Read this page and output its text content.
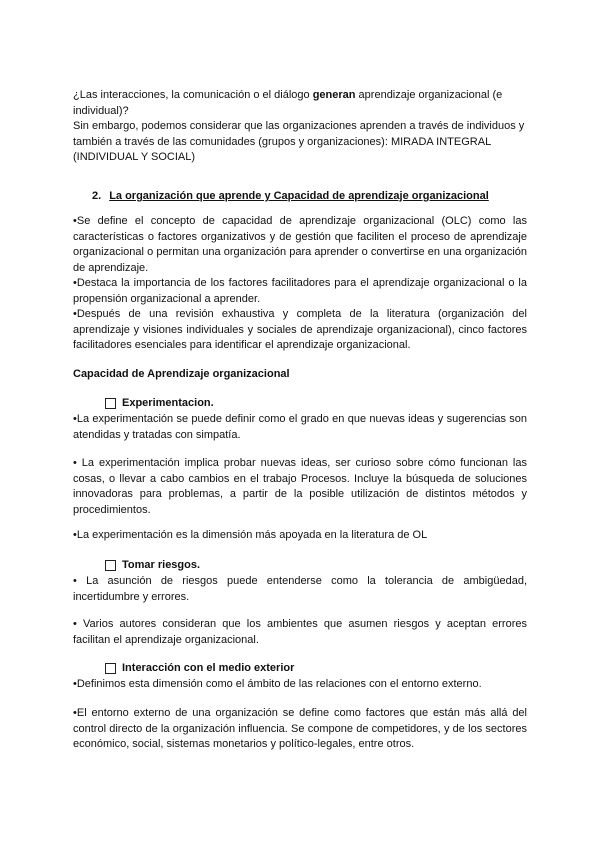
¿Las interacciones, la comunicación o el diálogo generan aprendizaje organizacional (e individual)?

Sin embargo, podemos considerar que las organizaciones aprenden a través de individuos y también a través de las comunidades (grupos y organizaciones): MIRADA INTEGRAL (INDIVIDUAL Y SOCIAL)

2. La organización que aprende y Capacidad de aprendizaje organizacional

•Se define el concepto de capacidad de aprendizaje organizacional (OLC) como las características o factores organizativos y de gestión que faciliten el proceso de aprendizaje organizacional o permitan una organización para aprender o convertirse en una organización de aprendizaje.

•Destaca la importancia de los factores facilitadores para el aprendizaje organizacional o la propensión organizacional a aprender.

•Después de una revisión exhaustiva y completa de la literatura (organización del aprendizaje y visiones individuales y sociales de aprendizaje organizacional), cinco factores facilitadores esenciales para identificar el aprendizaje organizacional.

Capacidad de Aprendizaje organizacional

Experimentacion.

•La experimentación se puede definir como el grado en que nuevas ideas y sugerencias son atendidas y tratadas con simpatía.

• La experimentación implica probar nuevas ideas, ser curioso sobre cómo funcionan las cosas, o llevar a cabo cambios en el trabajo Procesos. Incluye la búsqueda de soluciones innovadoras para problemas, a partir de la posible utilización de distintos métodos y procedimientos.

•La experimentación es la dimensión más apoyada en la literatura de OL

Tomar riesgos.

• La asunción de riesgos puede entenderse como la tolerancia de ambigüedad, incertidumbre y errores.

• Varios autores consideran que los ambientes que asumen riesgos y aceptan errores facilitan el aprendizaje organizacional.

Interacción con el medio exterior

•Definimos esta dimensión como el ámbito de las relaciones con el entorno externo.

•El entorno externo de una organización se define como factores que están más allá del control directo de la organización influencia. Se compone de competidores, y de los sectores económico, social, sistemas monetarios y político-legales, entre otros.
